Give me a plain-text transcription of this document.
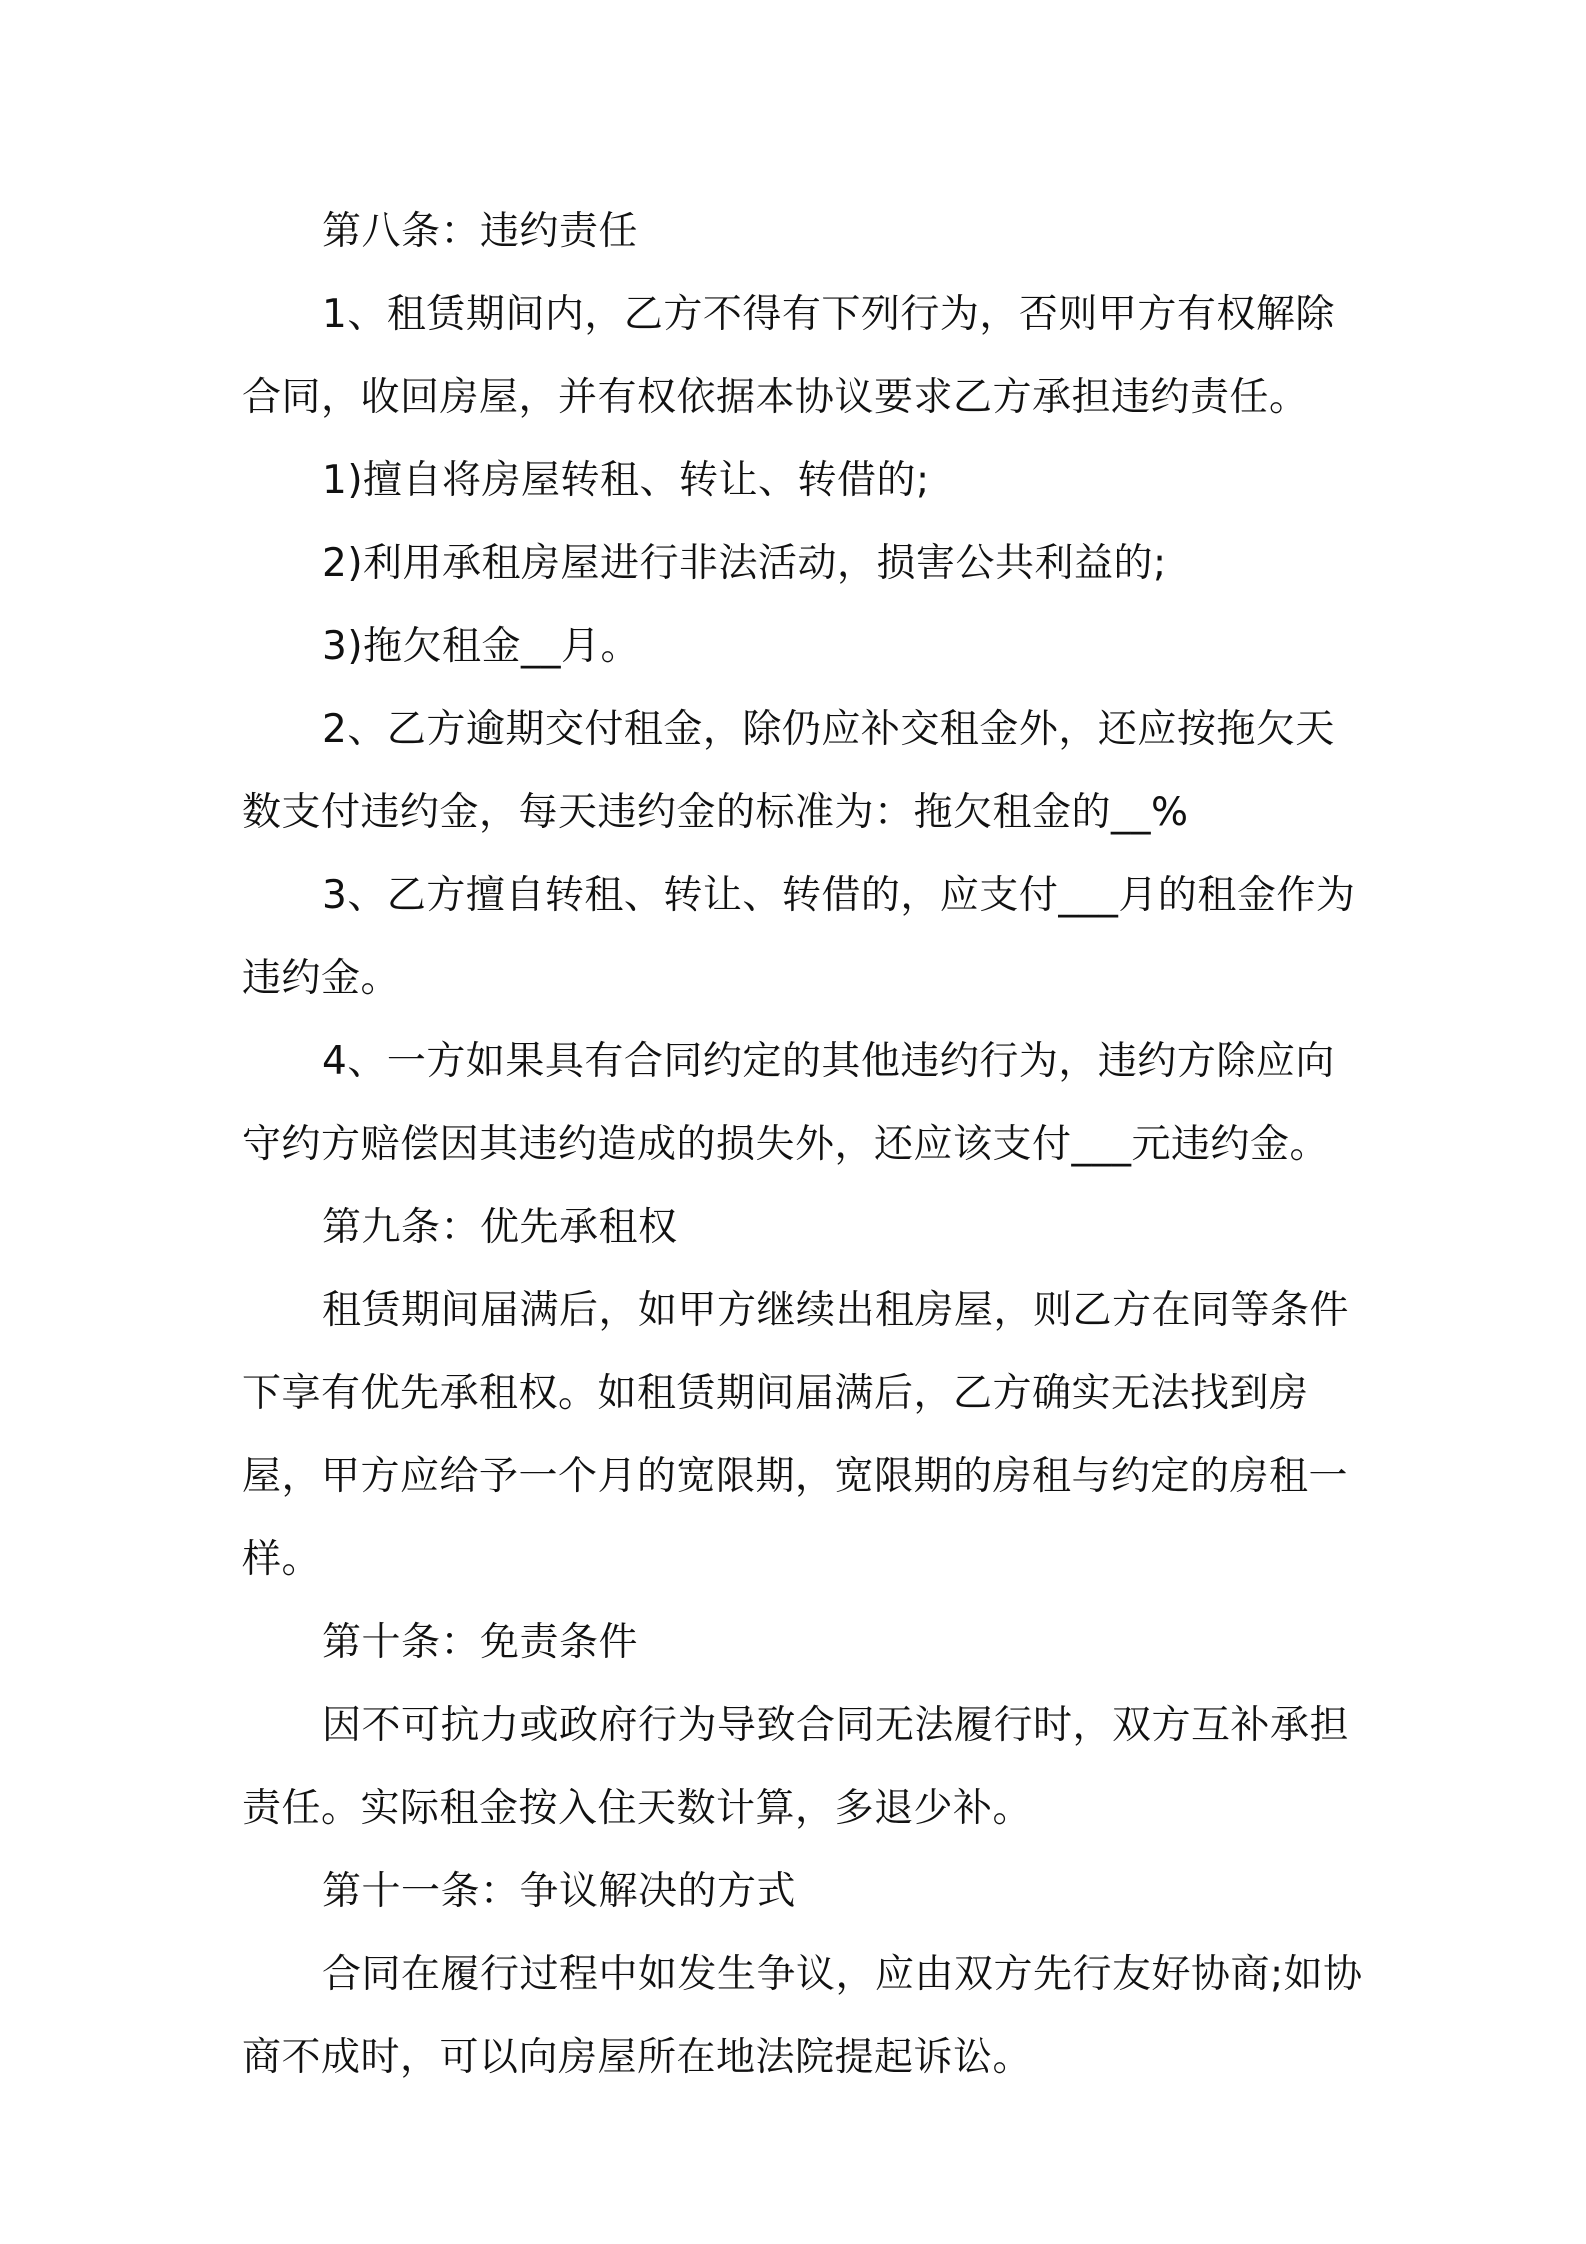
第八条：违约责任

1、租赁期间内，乙方不得有下列行为，否则甲方有权解除合同，收回房屋，并有权依据本协议要求乙方承担违约责任。

1)擅自将房屋转租、转让、转借的;

2)利用承租房屋进行非法活动，损害公共利益的;

3)拖欠租金__月。

2、乙方逾期交付租金，除仍应补交租金外，还应按拖欠天数支付违约金，每天违约金的标准为：拖欠租金的__%

3、乙方擅自转租、转让、转借的，应支付___月的租金作为违约金。

4、一方如果具有合同约定的其他违约行为，违约方除应向守约方赔偿因其违约造成的损失外，还应该支付___元违约金。

第九条：优先承租权

租赁期间届满后，如甲方继续出租房屋，则乙方在同等条件下享有优先承租权。如租赁期间届满后，乙方确实无法找到房屋，甲方应给予一个月的宽限期，宽限期的房租与约定的房租一样。

第十条：免责条件

因不可抗力或政府行为导致合同无法履行时，双方互补承担责任。实际租金按入住天数计算，多退少补。

第十一条：争议解决的方式

合同在履行过程中如发生争议，应由双方先行友好协商;如协商不成时，可以向房屋所在地法院提起诉讼。
